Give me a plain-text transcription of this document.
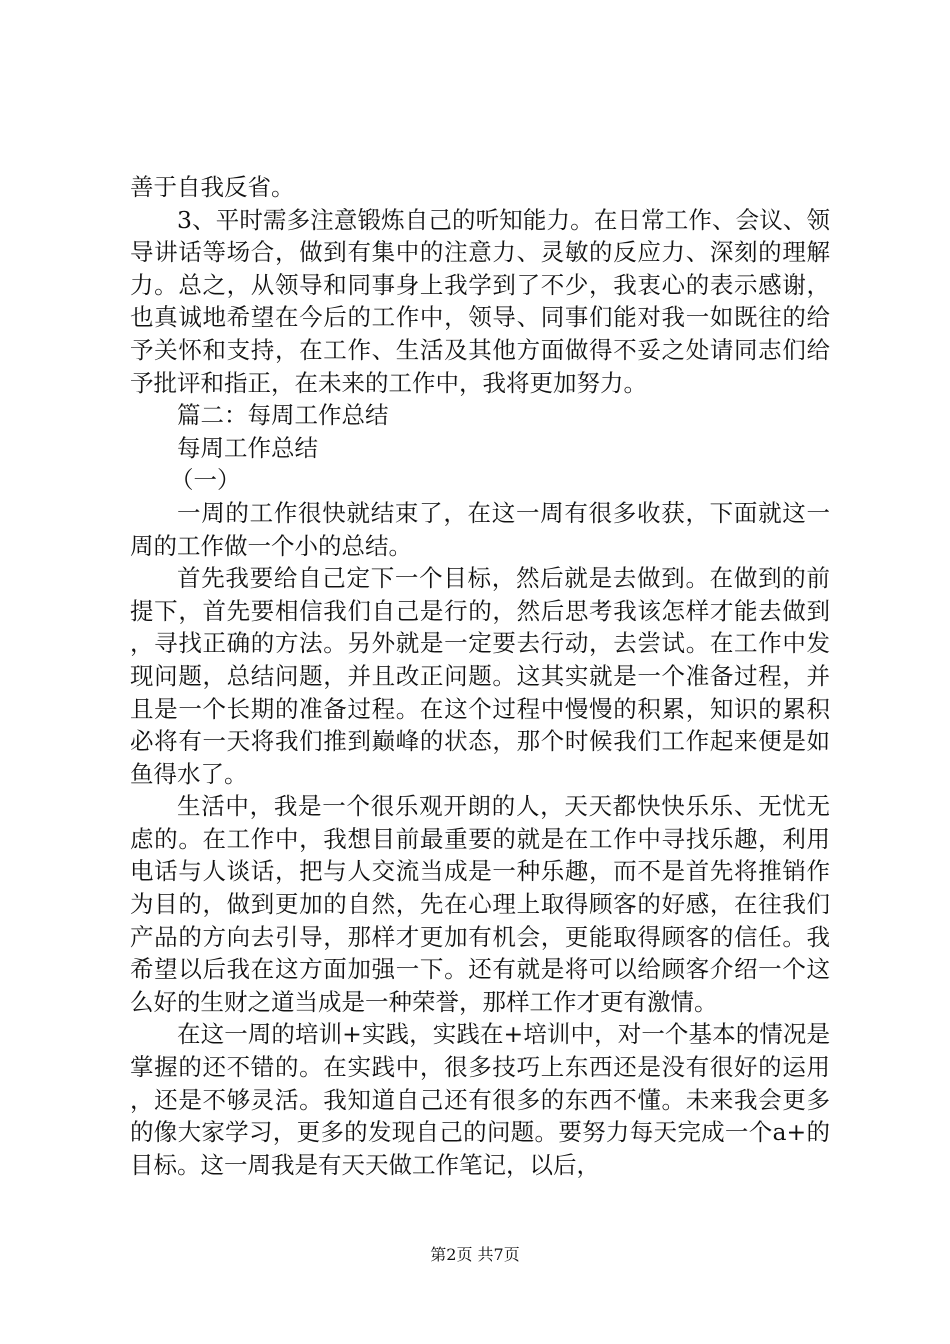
善于自我反省。

3、平时需多注意锻炼自己的听知能力。在日常工作、会议、领导讲话等场合，做到有集中的注意力、灵敏的反应力、深刻的理解力。总之，从领导和同事身上我学到了不少，我衷心的表示感谢，也真诚地希望在今后的工作中，领导、同事们能对我一如既往的给予关怀和支持，在工作、生活及其他方面做得不妥之处请同志们给予批评和指正，在未来的工作中，我将更加努力。

篇二：每周工作总结

每周工作总结

（一）

一周的工作很快就结束了，在这一周有很多收获，下面就这一周的工作做一个小的总结。

首先我要给自己定下一个目标，然后就是去做到。在做到的前提下，首先要相信我们自己是行的，然后思考我该怎样才能去做到，寻找正确的方法。另外就是一定要去行动，去尝试。在工作中发现问题，总结问题，并且改正问题。这其实就是一个准备过程，并且是一个长期的准备过程。在这个过程中慢慢的积累，知识的累积必将有一天将我们推到巅峰的状态，那个时候我们工作起来便是如鱼得水了。

生活中，我是一个很乐观开朗的人，天天都快快乐乐、无忧无虑的。在工作中，我想目前最重要的就是在工作中寻找乐趣，利用电话与人谈话，把与人交流当成是一种乐趣，而不是首先将推销作为目的，做到更加的自然，先在心理上取得顾客的好感，在往我们产品的方向去引导，那样才更加有机会，更能取得顾客的信任。我希望以后我在这方面加强一下。还有就是将可以给顾客介绍一个这么好的生财之道当成是一种荣誉，那样工作才更有激情。

在这一周的培训+实践，实践在+培训中，对一个基本的情况是掌握的还不错的。在实践中，很多技巧上东西还是没有很好的运用，还是不够灵活。我知道自己还有很多的东西不懂。未来我会更多的像大家学习，更多的发现自己的问题。要努力每天完成一个a+的目标。这一周我是有天天做工作笔记，以后，

第2页 共7页
